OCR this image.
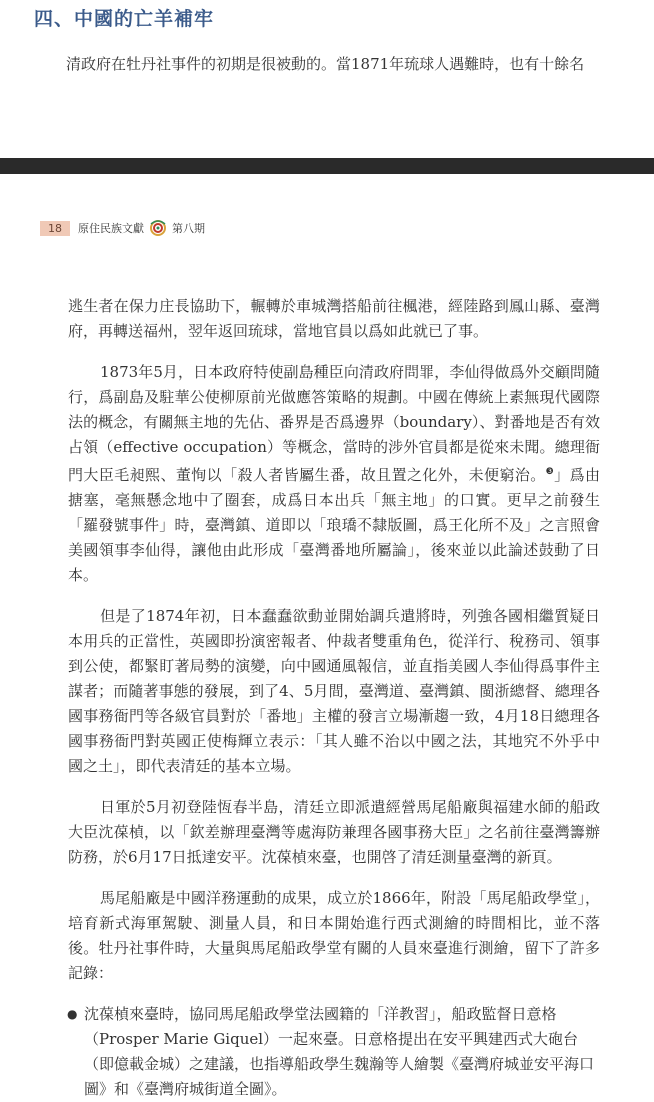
四、中國的亡羊補牢
清政府在牡丹社事件的初期是很被動的。當1871年琉球人遇難時，也有十餘名
18	原住民族文獻	第八期

逃生者在保力庄長協助下，輾轉於車城灣搭船前往楓港，經陸路到鳳山縣、臺灣府，再轉送福州，翌年返回琉球，當地官員以爲如此就已了事。

1873年5月，日本政府特使副島種臣向清政府問罪，李仙得做爲外交顧問隨行，爲副島及駐華公使柳原前光做應答策略的規劃。中國在傳統上素無現代國際法的概念，有關無主地的先佔、番界是否爲邊界（boundary）、對番地是否有效占領（effective occupation）等概念，當時的涉外官員都是從來未聞。總理衙門大臣毛昶熙、董恂以「殺人者皆屬生番，故且置之化外，未便窮治。$^❸$」爲由搪塞，毫無懸念地中了圈套，成爲日本出兵「無主地」的口實。更早之前發生「羅發號事件」時，臺灣鎮、道即以「琅𤩝不隸版圖，爲王化所不及」之言照會美國領事李仙得，讓他由此形成「臺灣番地所屬論」，後來並以此論述鼓動了日本。

但是了1874年初，日本蠢蠢欲動並開始調兵遣將時，列強各國相繼質疑日本用兵的正當性，英國即扮演密報者、仲裁者雙重角色，從洋行、稅務司、領事到公使，都緊盯著局勢的演變，向中國通風報信，並直指美國人李仙得爲事件主謀者；而隨著事態的發展，到了4、5月間，臺灣道、臺灣鎮、閩浙總督、總理各國事務衙門等各級官員對於「番地」主權的發言立場漸趨一致，4月18日總理各國事務衙門對英國正使梅輝立表示：「其人雖不治以中國之法，其地究不外乎中國之土」，即代表清廷的基本立場。

日軍於5月初登陸恆春半島，清廷立即派遣經營馬尾船廠與福建水師的船政大臣沈葆楨，以「欽差辦理臺灣等處海防兼理各國事務大臣」之名前往臺灣籌辦防務，於6月17日抵達安平。沈葆楨來臺，也開啓了清廷測量臺灣的新頁。

馬尾船廠是中國洋務運動的成果，成立於1866年，附設「馬尾船政學堂」，培育新式海軍駕駛、測量人員，和日本開始進行西式測繪的時間相比，並不落後。牡丹社事件時，大量與馬尾船政學堂有關的人員來臺進行測繪，留下了許多記錄：

● 沈葆楨來臺時，協同馬尾船政學堂法國籍的「洋教習」，船政監督日意格（Prosper Marie Giquel）一起來臺。日意格提出在安平興建西式大砲台（即億載金城）之建議，也指導船政學生魏瀚等人繪製《臺灣府城並安平海口圖》和《臺灣府城街道全圖》。
